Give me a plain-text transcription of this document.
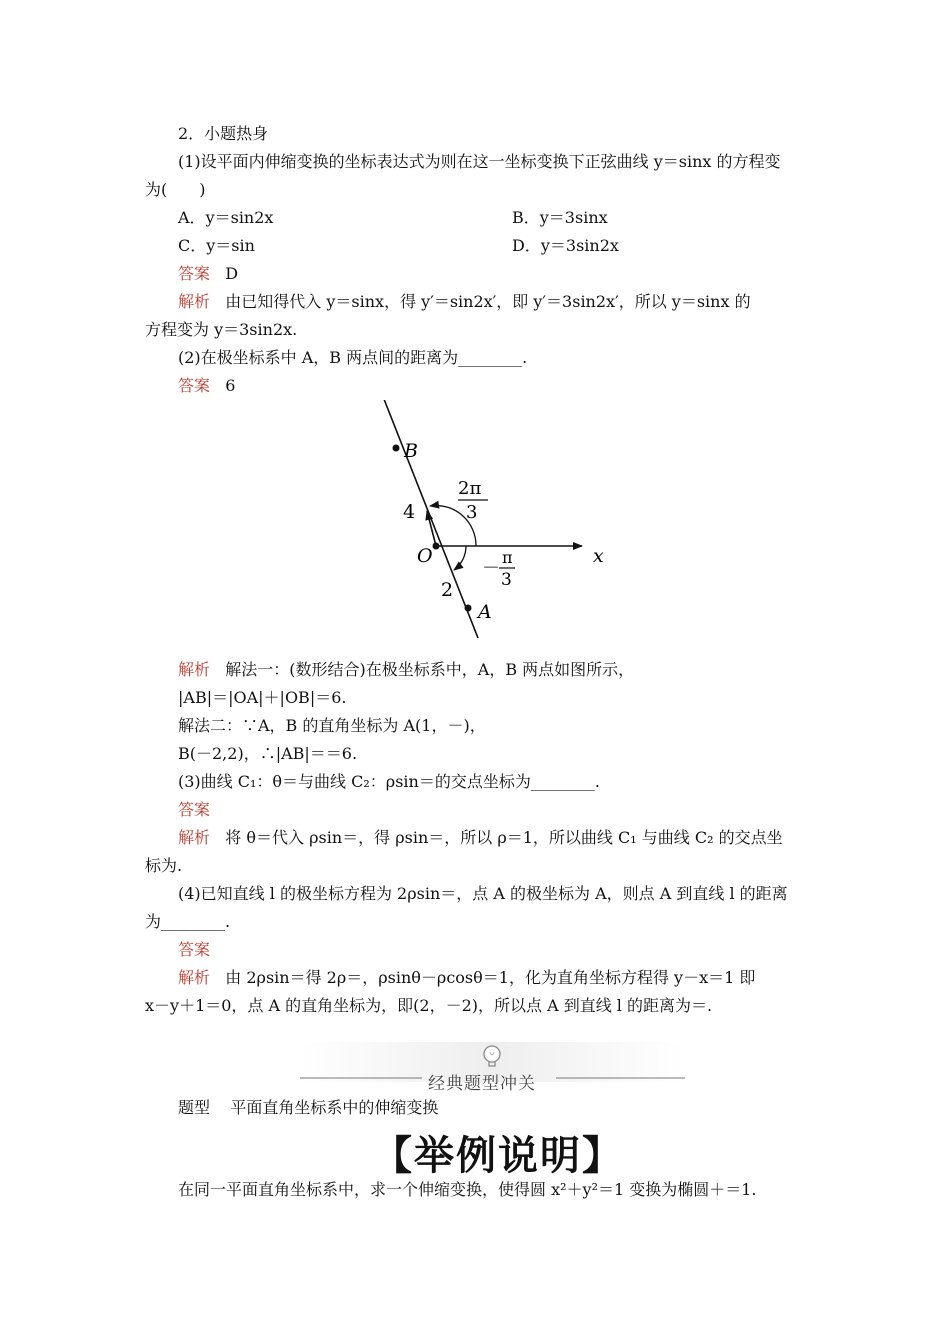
2．小题热身
(1)设平面内伸缩变换的坐标表达式为则在这一坐标变换下正弦曲线 y＝sinx 的方程变
为(　　)
A．y＝sin2x	B．y＝3sinx
C．y＝sin	D．y＝3sin2x
答案 D
解析 由已知得代入 y＝sinx，得 y′＝sin2x′，即 y′＝3sin2x′，所以 y＝sinx 的
方程变为 y＝3sin2x.
(2)在极坐标系中 A，B 两点间的距离为________.
答案 6
B
A
O	x
4
2
2π
3
－
π
3
解析 解法一：(数形结合)在极坐标系中，A，B 两点如图所示，
|AB|＝|OA|＋|OB|＝6.
解法二：∵A，B 的直角坐标为 A(1，－)，
B(－2,2)，∴|AB|＝＝6.
(3)曲线 C₁：θ＝与曲线 C₂：ρsin＝的交点坐标为________.
答案
解析 将 θ＝代入 ρsin＝，得 ρsin＝，所以 ρ＝1，所以曲线 C₁ 与曲线 C₂ 的交点坐
标为.
(4)已知直线 l 的极坐标方程为 2ρsin＝，点 A 的极坐标为 A，则点 A 到直线 l 的距离
为________.
答案
解析 由 2ρsin＝得 2ρ＝，ρsinθ－ρcosθ＝1，化为直角坐标方程得 y－x＝1 即
x－y＋1＝0，点 A 的直角坐标为，即(2，－2)，所以点 A 到直线 l 的距离为＝.
经典题型冲关
题型 平面直角坐标系中的伸缩变换
【举例说明】
在同一平面直角坐标系中，求一个伸缩变换，使得圆 x²＋y²＝1 变换为椭圆＋＝1.
